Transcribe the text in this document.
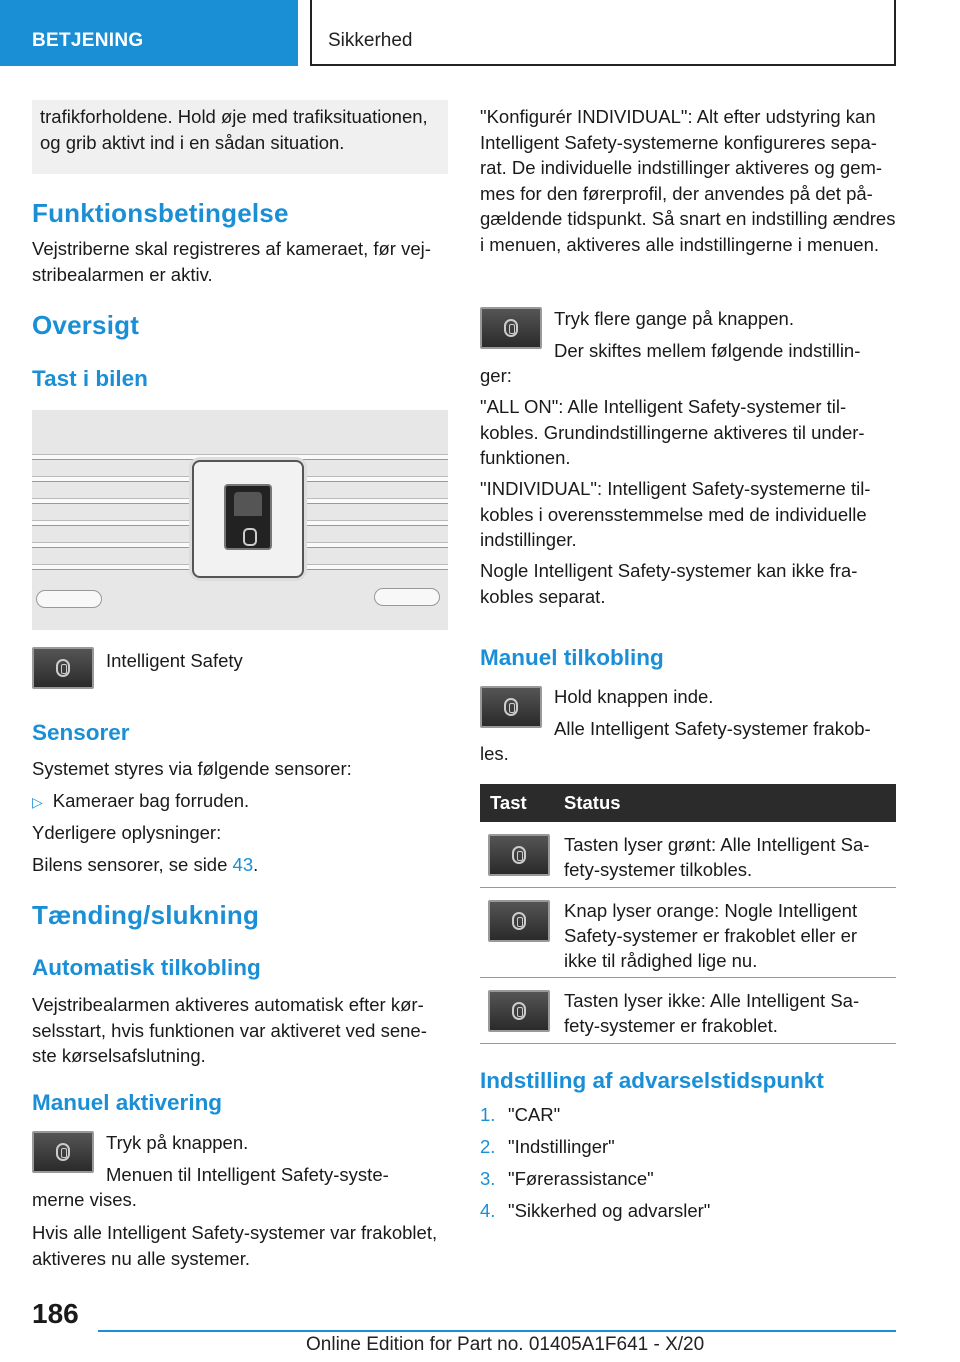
BETJENING	Sikkerhed
trafikforholdene. Hold øje med trafiksituationen, og grib aktivt ind i en sådan situation.
Funktionsbetingelse
Vejstriberne skal registreres af kameraet, før vej-stribealarmen er aktiv.
Oversigt
Tast i bilen
Intelligent Safety
Sensorer
Systemet styres via følgende sensorer:
▷ Kameraer bag forruden.
Yderligere oplysninger:
Bilens sensorer, se side 43.
Tænding/slukning
Automatisk tilkobling
Vejstribealarmen aktiveres automatisk efter kør-selsstart, hvis funktionen var aktiveret ved sene-ste kørselsafslutning.
Manuel aktivering
Tryk på knappen.
Menuen til Intelligent Safety-syste-
merne vises.
Hvis alle Intelligent Safety-systemer var frakoblet, aktiveres nu alle systemer.
"Konfigurér INDIVIDUAL": Alt efter udstyring kan Intelligent Safety-systemerne konfigureres sepa-rat. De individuelle indstillinger aktiveres og gem-mes for den førerprofil, der anvendes på det på-gældende tidspunkt. Så snart en indstilling ændres i menuen, aktiveres alle indstillingerne i menuen.
Tryk flere gange på knappen.
Der skiftes mellem følgende indstillin-
ger:
"ALL ON": Alle Intelligent Safety-systemer til-kobles. Grundindstillingerne aktiveres til under-funktionen.
"INDIVIDUAL": Intelligent Safety-systemerne til-kobles i overensstemmelse med de individuelle indstillinger.
Nogle Intelligent Safety-systemer kan ikke fra-kobles separat.
Manuel tilkobling
Hold knappen inde.
Alle Intelligent Safety-systemer frakob-
les.
Tast	Status
Tasten lyser grønt: Alle Intelligent Sa-fety-systemer tilkobles.
Knap lyser orange: Nogle Intelligent Safety-systemer er frakoblet eller er ikke til rådighed lige nu.
Tasten lyser ikke: Alle Intelligent Sa-fety-systemer er frakoblet.
Indstilling af advarselstidspunkt
1. "CAR"
2. "Indstillinger"
3. "Førerassistance"
4. "Sikkerhed og advarsler"
186
Online Edition for Part no. 01405A1F641 - X/20
